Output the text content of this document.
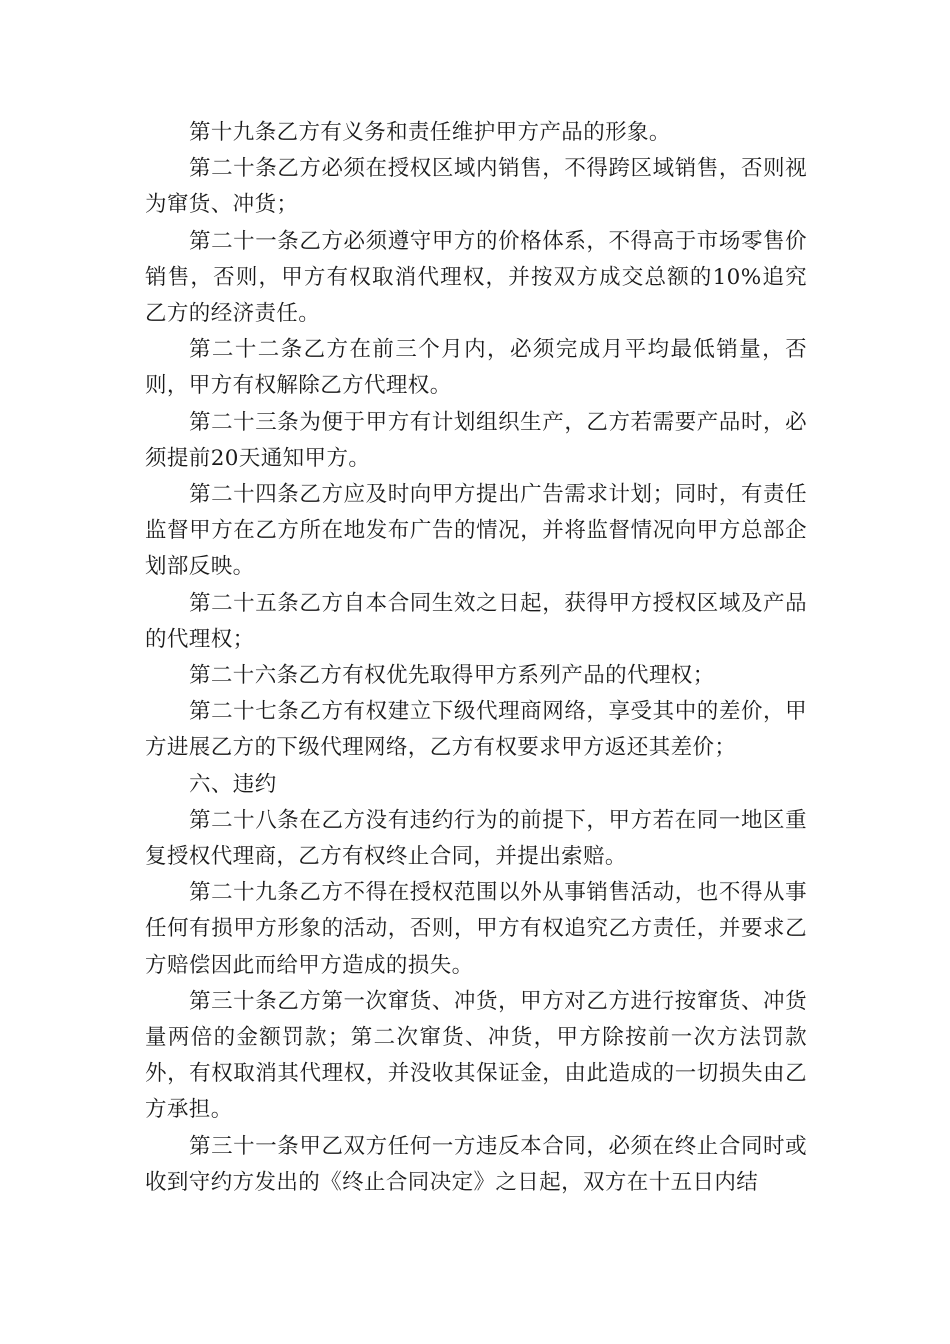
第十九条乙方有义务和责任维护甲方产品的形象。

第二十条乙方必须在授权区域内销售，不得跨区域销售，否则视为窜货、冲货；

第二十一条乙方必须遵守甲方的价格体系，不得高于市场零售价销售，否则，甲方有权取消代理权，并按双方成交总额的10%追究乙方的经济责任。

第二十二条乙方在前三个月内，必须完成月平均最低销量，否则，甲方有权解除乙方代理权。

第二十三条为便于甲方有计划组织生产，乙方若需要产品时，必须提前20天通知甲方。

第二十四条乙方应及时向甲方提出广告需求计划；同时，有责任监督甲方在乙方所在地发布广告的情况，并将监督情况向甲方总部企划部反映。

第二十五条乙方自本合同生效之日起，获得甲方授权区域及产品的代理权；

第二十六条乙方有权优先取得甲方系列产品的代理权；

第二十七条乙方有权建立下级代理商网络，享受其中的差价，甲方进展乙方的下级代理网络，乙方有权要求甲方返还其差价；

六、违约

第二十八条在乙方没有违约行为的前提下，甲方若在同一地区重复授权代理商，乙方有权终止合同，并提出索赔。

第二十九条乙方不得在授权范围以外从事销售活动，也不得从事任何有损甲方形象的活动，否则，甲方有权追究乙方责任，并要求乙方赔偿因此而给甲方造成的损失。

第三十条乙方第一次窜货、冲货，甲方对乙方进行按窜货、冲货量两倍的金额罚款；第二次窜货、冲货，甲方除按前一次方法罚款外，有权取消其代理权，并没收其保证金，由此造成的一切损失由乙方承担。

第三十一条甲乙双方任何一方违反本合同，必须在终止合同时或收到守约方发出的《终止合同决定》之日起，双方在十五日内结
